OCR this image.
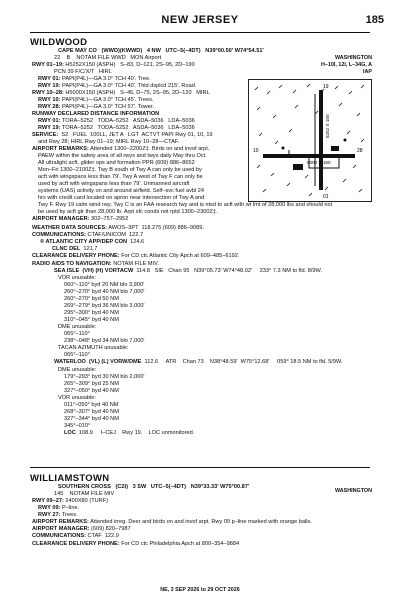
NEW JERSEY	185
WILDWOOD
WASHINGTON
H–10I, 12I, L–34G, A
IAP
CAPE MAY CO   (WWD)(KWWD)   4 NW   UTC–5(–4DT)   N39°00.50′ W74°54.51′
22    B    NOTAM FILE WWD   MON Airport
RWY 01–19: H5252X150 (ASPH)   S–83, D–121, 2S–95, 2D–190
PCN 39 F/C/X/T   HIRL
RWY 01: PAPI(P4L)—GA 3.0° TCH 40′. Tree.
RWY 19: PAPI(P4L)—GA 3.0° TCH 40′. Thld dsplcd 215′. Road.
RWY 10–28: H5000X150 (ASPH)   S–45, D–75, 2S–95, 2D–120   MIRL
RWY 10: PAPI(P4L)—GA 3.0° TCH 45′. Trees.
RWY 28: PAPI(P4L)—GA 3.0° TCH 57′. Tower.
RUNWAY DECLARED DISTANCE INFORMATION
RWY 01: TORA–5252   TODA–5252   ASDA–5036   LDA–5036
RWY 19: TORA–5252   TODA–5252   ASDA–5036   LDA–5036
SERVICE:  S2   FUEL  100LL, JET A   LGT  ACTVT PAPI Rwy 01, 10, 19
and Rwy 28; HIRL Rwy 01–19; MIRL Rwy 10–28—CTAF.
AIRPORT REMARKS: Attended 1300−2200Z‡. Birds on and invof arpt.
PAEW within the safety area of all rwys and twys daily May thru Oct.
All ultralight acft, glider ops and formation PPR (609) 886–8652
Mon–Fri 1300−2100Z‡. Twy B south of Twy A can only be used by
acft with wingspans less than 79′. Twy A west of Twy F can only be
used by acft with wingspans less than 79′. Unmanned aircraft
systems (UAS) activity on and around airfield. Self–svc fuel avbl 24
hrs with credit card located on apron near intersection of Twy A and
Twy F. Rwy 19 calm wind rwy. Twy C is an FAA research twy and is ntsd to acft with wt lmt of 28,000 lbs and should not
be used by acft gtr than 28,000 lb. Arpt sfc conds not rptd 1300−2300Z‡.
AIRPORT MANAGER: 302–757–2952
WEATHER DATA SOURCES: AWOS–3PT  118.275 (609) 886–9089.
COMMUNICATIONS: CTAF/UNICOM  122.7
® ATLANTIC CITY APP/DEP CON  124.6
CLNC DEL  121.7
CLEARANCE DELIVERY PHONE: For CD ctc Atlantic City Apch at 609–485–6192.
RADIO AIDS TO NAVIGATION: NOTAM FILE MIV.
SEA ISLE  (VH) (H) VORTACW  114.8   SIE   Chan 95   N39°05.73′ W74°48.02′     233° 7.3 NM to fld. 8/9W.
VOR unusable:
060°–110° byd 20 NM blo 3,900′
260°–270° byd 40 NM blo 7,000′
260°–270° byd 50 NM
269°–279° byd 36 NM blo 3,000′
295°–300° byd 40 NM
310°–045° byd 40 NM
DME unusable:
065°–110°
238°–048° byd 34 NM blo 7,000′
TACAN AZIMUTH unusable:
065°–110°
WATERLOO  (VL) (L) VORW/DME  112.6     ATR    Chan 73    N38°48.59′  W75°12.68′     059° 18.5 NM to fld. 5/9W.
DME unusable:
179°–293° byd 30 NM blo 2,000′
265°–309° byd 25 NM
327°–050° byd 40 NM
VOR unusable:
011°–050° byd 40 NM
268°–307° byd 40 NM
327°–344° byd 40 NM
345°–010°
LOC  108.9     I–CEJ    Rwy 19.    LOC unmonitored.
19
10	28
01
5000 X 150
5252 X 150
WILLIAMSTOWN
WASHINGTON
SOUTHERN CROSS   (C2I)   3 SW   UTC–5(–4DT)   N39°33.33′ W75°00.87′
145    NOTAM FILE MIV
RWY 09–27: 2400X80 (TURF)
RWY 09: P–line.
RWY 27: Trees.
AIRPORT REMARKS: Attended irreg. Deer and birds on and invof arpt. Rwy 09 p–line marked with orange balls.
AIRPORT MANAGER: (609) 820–7987
COMMUNICATIONS: CTAF  122.9
CLEARANCE DELIVERY PHONE: For CD ctc Philadelphia Apch at 800–354–9884
NE, 3 SEP 2026 to 29 OCT 2026
